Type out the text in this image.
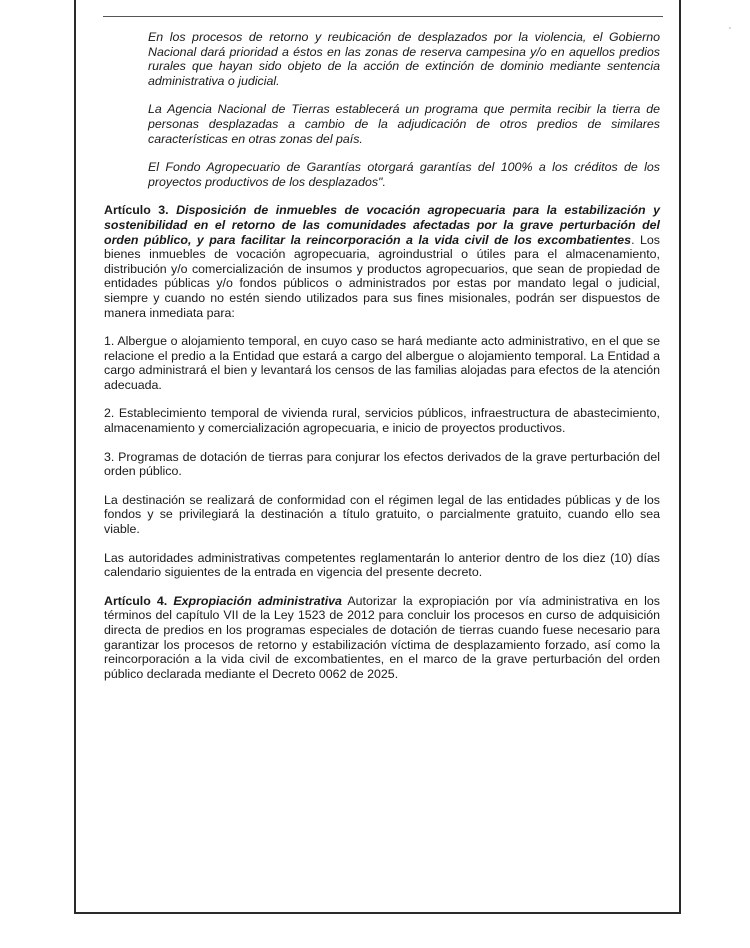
·

En los procesos de retorno y reubicación de desplazados por la violencia, el Gobierno Nacional dará prioridad a éstos en las zonas de reserva campesina y/o en aquellos predios rurales que hayan sido objeto de la acción de extinción de dominio mediante sentencia administrativa o judicial.

La Agencia Nacional de Tierras establecerá un programa que permita recibir la tierra de personas desplazadas a cambio de la adjudicación de otros predios de similares características en otras zonas del país.

El Fondo Agropecuario de Garantías otorgará garantías del 100% a los créditos de los proyectos productivos de los desplazados".

Artículo 3. Disposición de inmuebles de vocación agropecuaria para la estabilización y sostenibilidad en el retorno de las comunidades afectadas por la grave perturbación del orden público, y para facilitar la reincorporación a la vida civil de los excombatientes. Los bienes inmuebles de vocación agropecuaria, agroindustrial o útiles para el almacenamiento, distribución y/o comercialización de insumos y productos agropecuarios, que sean de propiedad de entidades públicas y/o fondos públicos o administrados por estas por mandato legal o judicial, siempre y cuando no estén siendo utilizados para sus fines misionales, podrán ser dispuestos de manera inmediata para:

1. Albergue o alojamiento temporal, en cuyo caso se hará mediante acto administrativo, en el que se relacione el predio a la Entidad que estará a cargo del albergue o alojamiento temporal. La Entidad a cargo administrará el bien y levantará los censos de las familias alojadas para efectos de la atención adecuada.

2. Establecimiento temporal de vivienda rural, servicios públicos, infraestructura de abastecimiento, almacenamiento y comercialización agropecuaria, e inicio de proyectos productivos.

3. Programas de dotación de tierras para conjurar los efectos derivados de la grave perturbación del orden público.

La destinación se realizará de conformidad con el régimen legal de las entidades públicas y de los fondos y se privilegiará la destinación a título gratuito, o parcialmente gratuito, cuando ello sea viable.

Las autoridades administrativas competentes reglamentarán lo anterior dentro de los diez (10) días calendario siguientes de la entrada en vigencia del presente decreto.

Artículo 4. Expropiación administrativa Autorizar la expropiación por vía administrativa en los términos del capítulo VII de la Ley 1523 de 2012 para concluir los procesos en curso de adquisición directa de predios en los programas especiales de dotación de tierras cuando fuese necesario para garantizar los procesos de retorno y estabilización víctima de desplazamiento forzado, así como la reincorporación a la vida civil de excombatientes, en el marco de la grave perturbación del orden público declarada mediante el Decreto 0062 de 2025.
